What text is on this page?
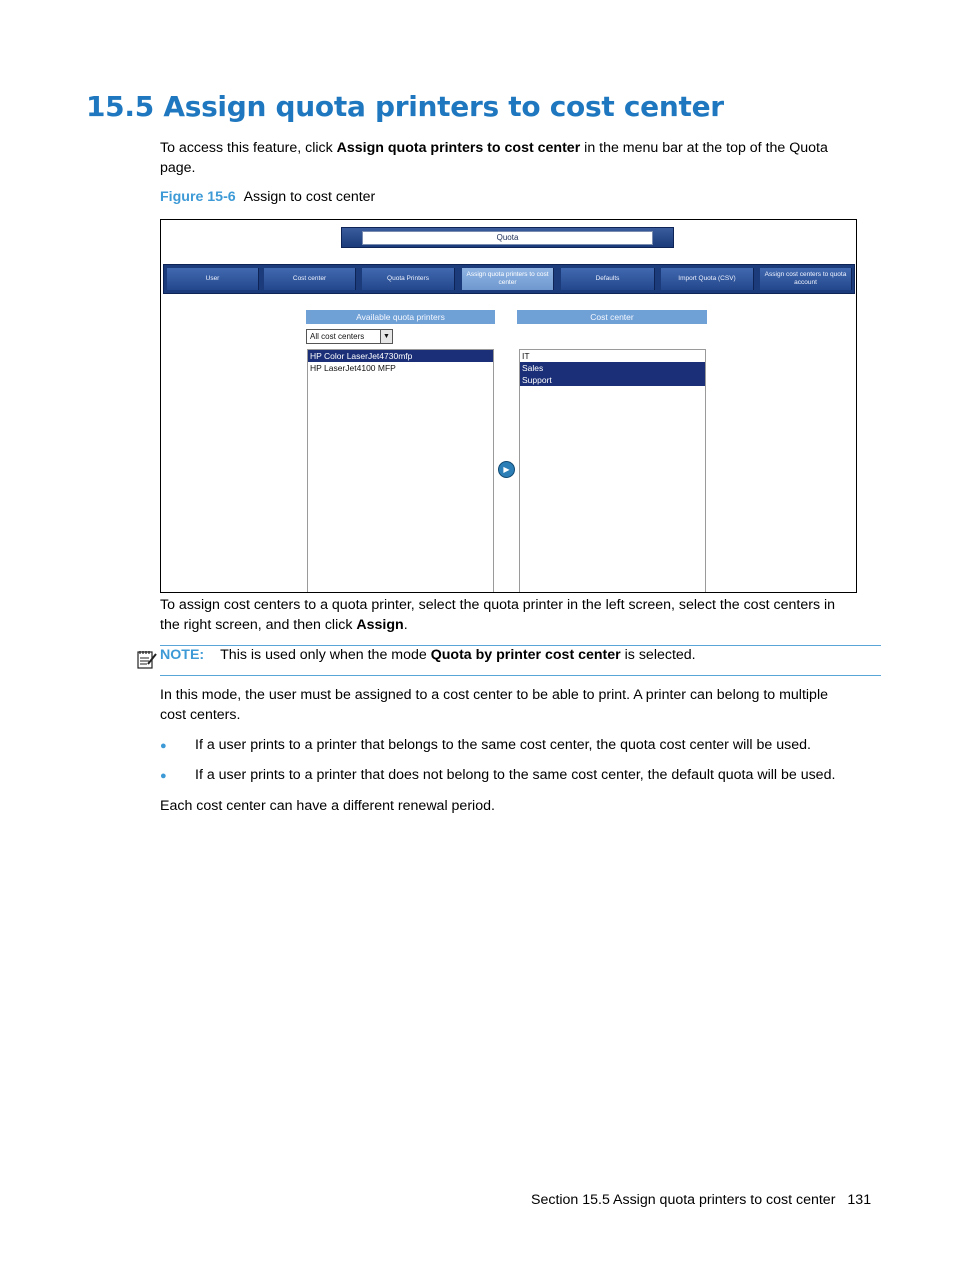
15.5 Assign quota printers to cost center
To access this feature, click Assign quota printers to cost center in the menu bar at the top of the Quota
page.
Figure 15-6 Assign to cost center
Quota
User	Cost center	Quota Printers
Assign quota printers to cost center
Defaults	Import Quota (CSV)
Assign cost centers to quota account
Available quota printers	Cost center
All cost centers	▼
HP Color LaserJet4730mfp
HP LaserJet4100 MFP
▶
IT
Sales
Support
To assign cost centers to a quota printer, select the quota printer in the left screen, select the cost centers in
the right screen, and then click Assign.
NOTE: This is used only when the mode Quota by printer cost center is selected.
In this mode, the user must be assigned to a cost center to be able to print. A printer can belong to multiple
cost centers.
● If a user prints to a printer that belongs to the same cost center, the quota cost center will be used.
● If a user prints to a printer that does not belong to the same cost center, the default quota will be used.
Each cost center can have a different renewal period.
Section 15.5 Assign quota printers to cost center 131
